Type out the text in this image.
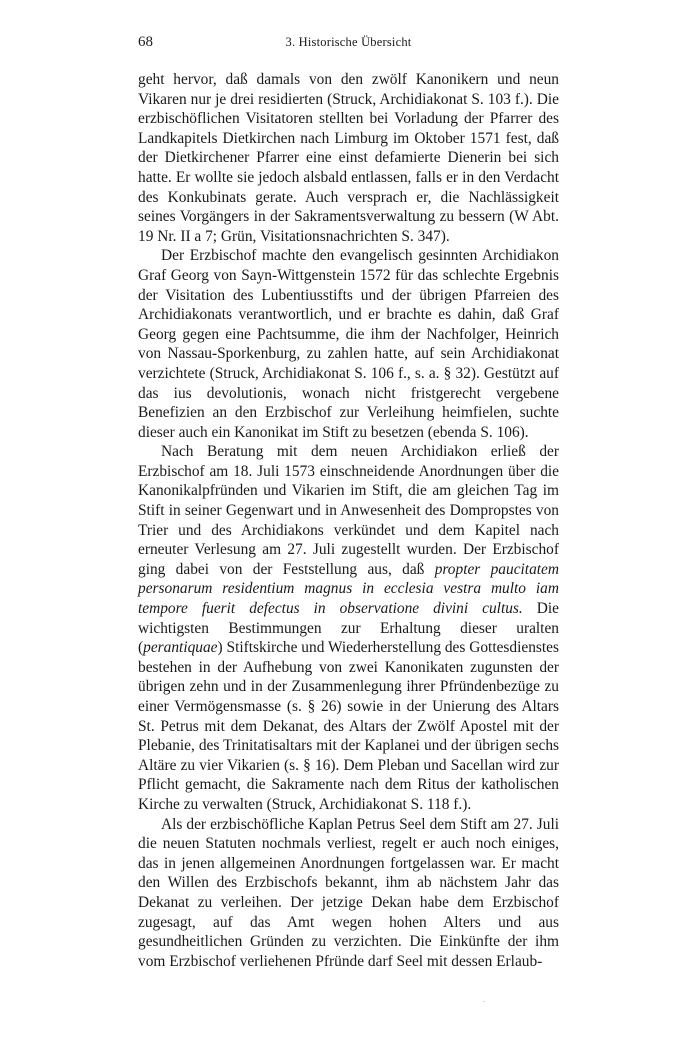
68	3. Historische Übersicht

geht hervor, daß damals von den zwölf Kanonikern und neun Vikaren nur je drei residierten (Struck, Archidiakonat S. 103 f.). Die erzbischöflichen Visitatoren stellten bei Vorladung der Pfarrer des Landkapitels Dietkirchen nach Limburg im Oktober 1571 fest, daß der Dietkirchener Pfarrer eine einst defamierte Dienerin bei sich hatte. Er wollte sie jedoch alsbald entlassen, falls er in den Verdacht des Konkubinats gerate. Auch versprach er, die Nachlässigkeit seines Vorgängers in der Sakramentsverwaltung zu bessern (W Abt. 19 Nr. II a 7; Grün, Visitationsnachrichten S. 347).

Der Erzbischof machte den evangelisch gesinnten Archidiakon Graf Georg von Sayn-Wittgenstein 1572 für das schlechte Ergebnis der Visitation des Lubentiusstifts und der übrigen Pfarreien des Archidiakonats verantwortlich, und er brachte es dahin, daß Graf Georg gegen eine Pachtsumme, die ihm der Nachfolger, Heinrich von Nassau-Sporkenburg, zu zahlen hatte, auf sein Archidiakonat verzichtete (Struck, Archidiakonat S. 106 f., s. a. § 32). Gestützt auf das ius devolutionis, wonach nicht fristgerecht vergebene Benefizien an den Erzbischof zur Verleihung heimfielen, suchte dieser auch ein Kanonikat im Stift zu besetzen (ebenda S. 106).

Nach Beratung mit dem neuen Archidiakon erließ der Erzbischof am 18. Juli 1573 einschneidende Anordnungen über die Kanonikalpfründen und Vikarien im Stift, die am gleichen Tag im Stift in seiner Gegenwart und in Anwesenheit des Dompropstes von Trier und des Archidiakons verkündet und dem Kapitel nach erneuter Verlesung am 27. Juli zugestellt wurden. Der Erzbischof ging dabei von der Feststellung aus, daß propter paucitatem personarum residentium magnus in ecclesia vestra multo iam tempore fuerit defectus in observatione divini cultus. Die wichtigsten Bestimmungen zur Erhaltung dieser uralten (perantiquae) Stiftskirche und Wiederherstellung des Gottesdienstes bestehen in der Aufhebung von zwei Kanonikaten zugunsten der übrigen zehn und in der Zusammenlegung ihrer Pfründenbezüge zu einer Vermögensmasse (s. § 26) sowie in der Unierung des Altars St. Petrus mit dem Dekanat, des Altars der Zwölf Apostel mit der Plebanie, des Trinitatisaltars mit der Kaplanei und der übrigen sechs Altäre zu vier Vikarien (s. § 16). Dem Pleban und Sacellan wird zur Pflicht gemacht, die Sakramente nach dem Ritus der katholischen Kirche zu verwalten (Struck, Archidiakonat S. 118 f.).

Als der erzbischöfliche Kaplan Petrus Seel dem Stift am 27. Juli die neuen Statuten nochmals verliest, regelt er auch noch einiges, das in jenen allgemeinen Anordnungen fortgelassen war. Er macht den Willen des Erzbischofs bekannt, ihm ab nächstem Jahr das Dekanat zu verleihen. Der jetzige Dekan habe dem Erzbischof zugesagt, auf das Amt wegen hohen Alters und aus gesundheitlichen Gründen zu verzichten. Die Einkünfte der ihm vom Erzbischof verliehenen Pfründe darf Seel mit dessen Erlaub-
